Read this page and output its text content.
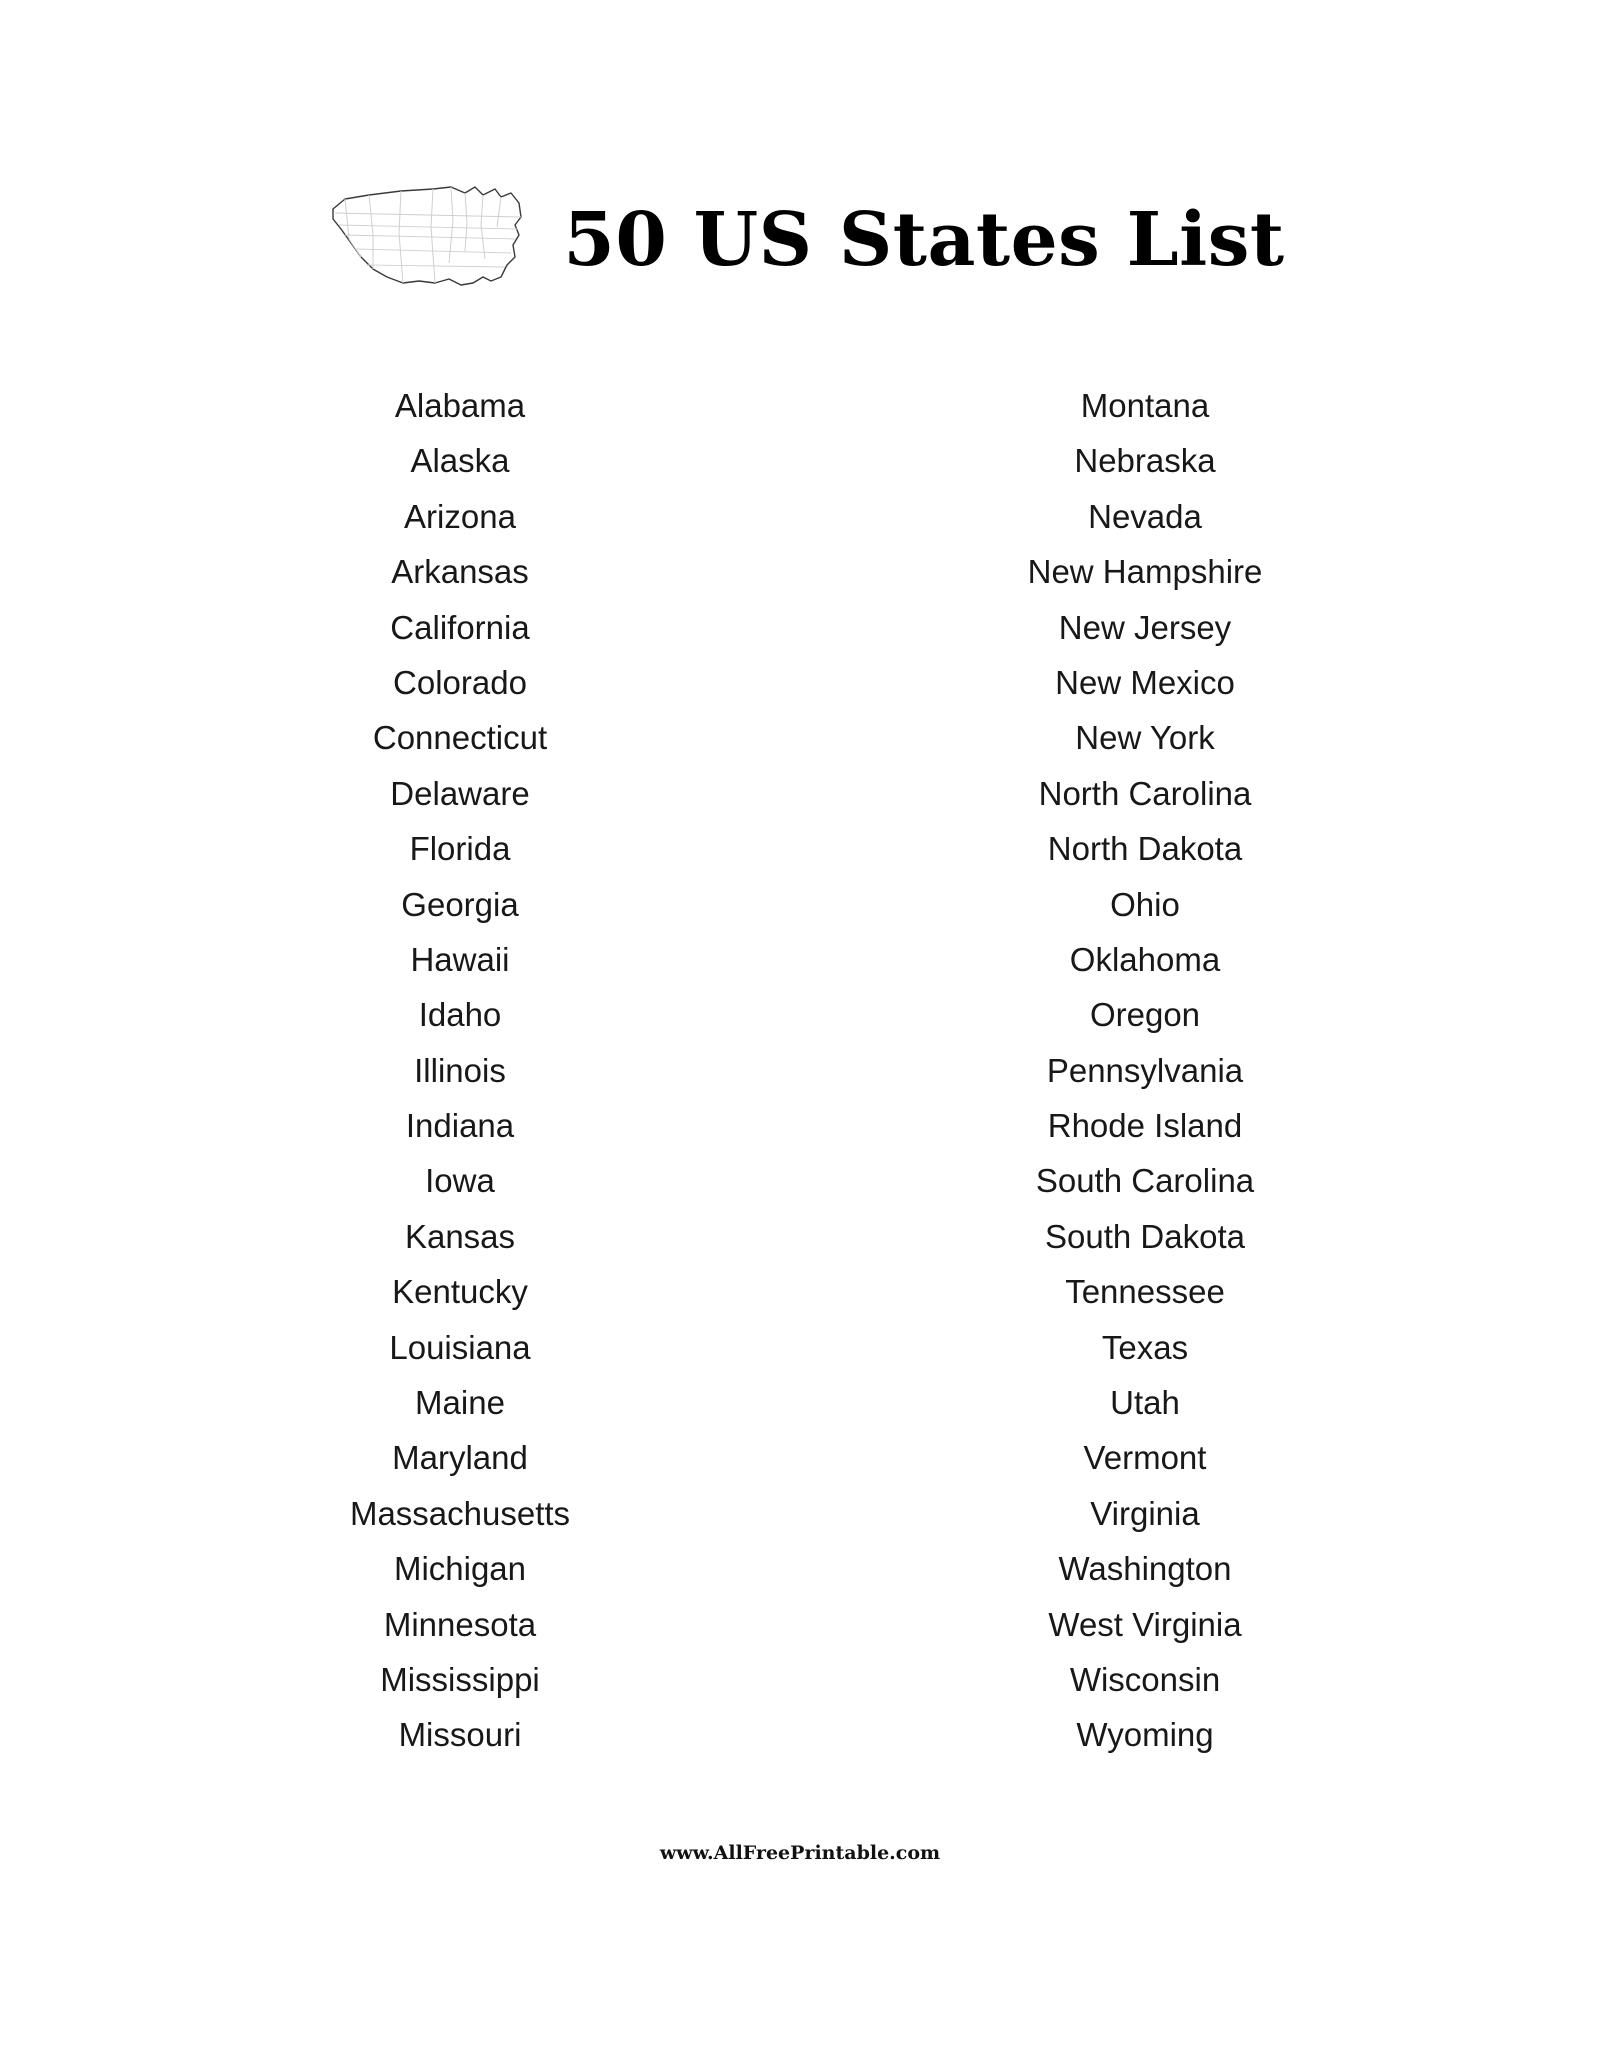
50 US States List
Alabama
Alaska
Arizona
Arkansas
California
Colorado
Connecticut
Delaware
Florida
Georgia
Hawaii
Idaho
Illinois
Indiana
Iowa
Kansas
Kentucky
Louisiana
Maine
Maryland
Massachusetts
Michigan
Minnesota
Mississippi
Missouri
Montana
Nebraska
Nevada
New Hampshire
New Jersey
New Mexico
New York
North Carolina
North Dakota
Ohio
Oklahoma
Oregon
Pennsylvania
Rhode Island
South Carolina
South Dakota
Tennessee
Texas
Utah
Vermont
Virginia
Washington
West Virginia
Wisconsin
Wyoming
www.AllFreePrintable.com
